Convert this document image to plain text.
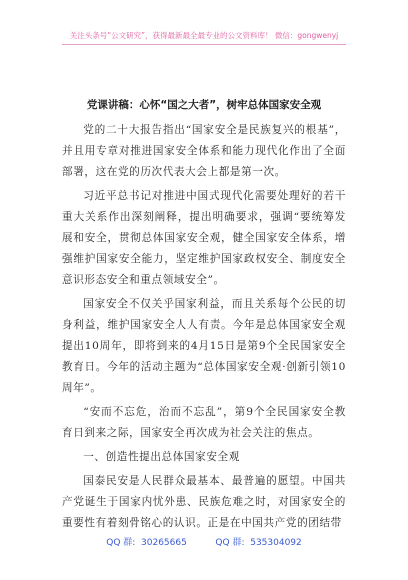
关注头条号“公文研究”，获得最新最全最专业的公文资料库！ 微信：gongwenyj
党课讲稿：心怀“国之大者”，树牢总体国家安全观

党的二十大报告指出“国家安全是民族复兴的根基”，并且用专章对推进国家安全体系和能力现代化作出了全面部署，这在党的历次代表大会上都是第一次。

习近平总书记对推进中国式现代化需要处理好的若干重大关系作出深刻阐释，提出明确要求，强调“要统筹发展和安全，贯彻总体国家安全观，健全国家安全体系，增强维护国家安全能力，坚定维护国家政权安全、制度安全意识形态安全和重点领域安全”。

国家安全不仅关乎国家利益，而且关系每个公民的切身利益，维护国家安全人人有责。今年是总体国家安全观提出10周年，即将到来的4月15日是第9个全民国家安全教育日。今年的活动主题为“总体国家安全观·创新引领10周年”。

“安而不忘危，治而不忘乱”，第9个全民国家安全教育日到来之际，国家安全再次成为社会关注的焦点。

一、创造性提出总体国家安全观

国泰民安是人民群众最基本、最普遍的愿望。中国共产党诞生于国家内忧外患、民族危难之时，对国家安全的重要性有着刻骨铭心的认识。正是在中国共产党的团结带

QQ 群:  30265665          QQ 群:  535304092
